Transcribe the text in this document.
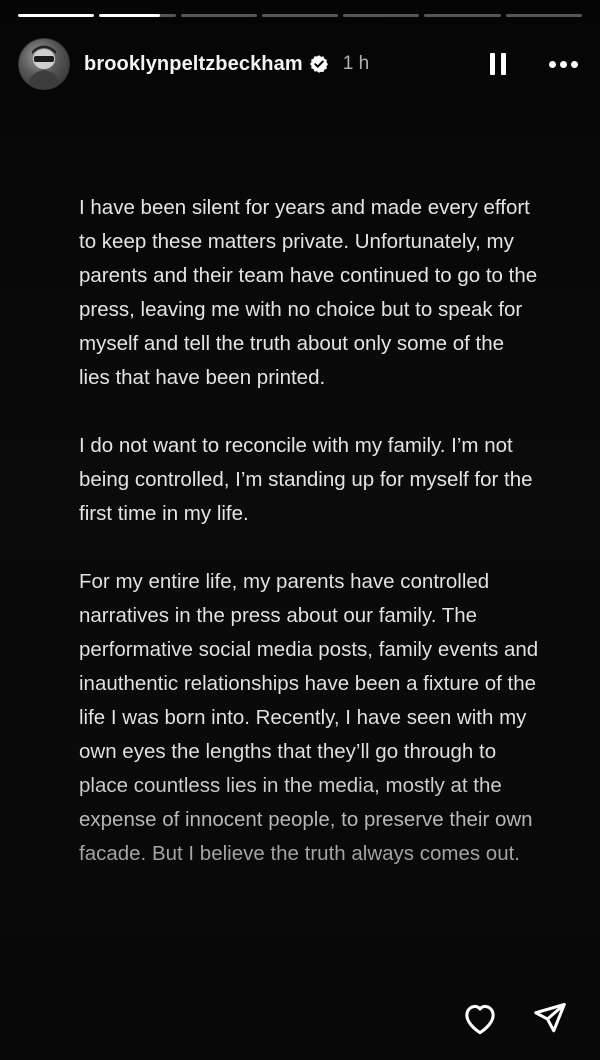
brooklynpeltzbeckham 1 h

I have been silent for years and made every effort to keep these matters private. Unfortunately, my parents and their team have continued to go to the press, leaving me with no choice but to speak for myself and tell the truth about only some of the lies that have been printed.

I do not want to reconcile with my family. I’m not being controlled, I’m standing up for myself for the first time in my life.

For my entire life, my parents have controlled narratives in the press about our family. The performative social media posts, family events and inauthentic relationships have been a fixture of the life I was born into. Recently, I have seen with my own eyes the lengths that they’ll go through to place countless lies in the media, mostly at the expense of innocent people, to preserve their own facade. But I believe the truth always comes out.
